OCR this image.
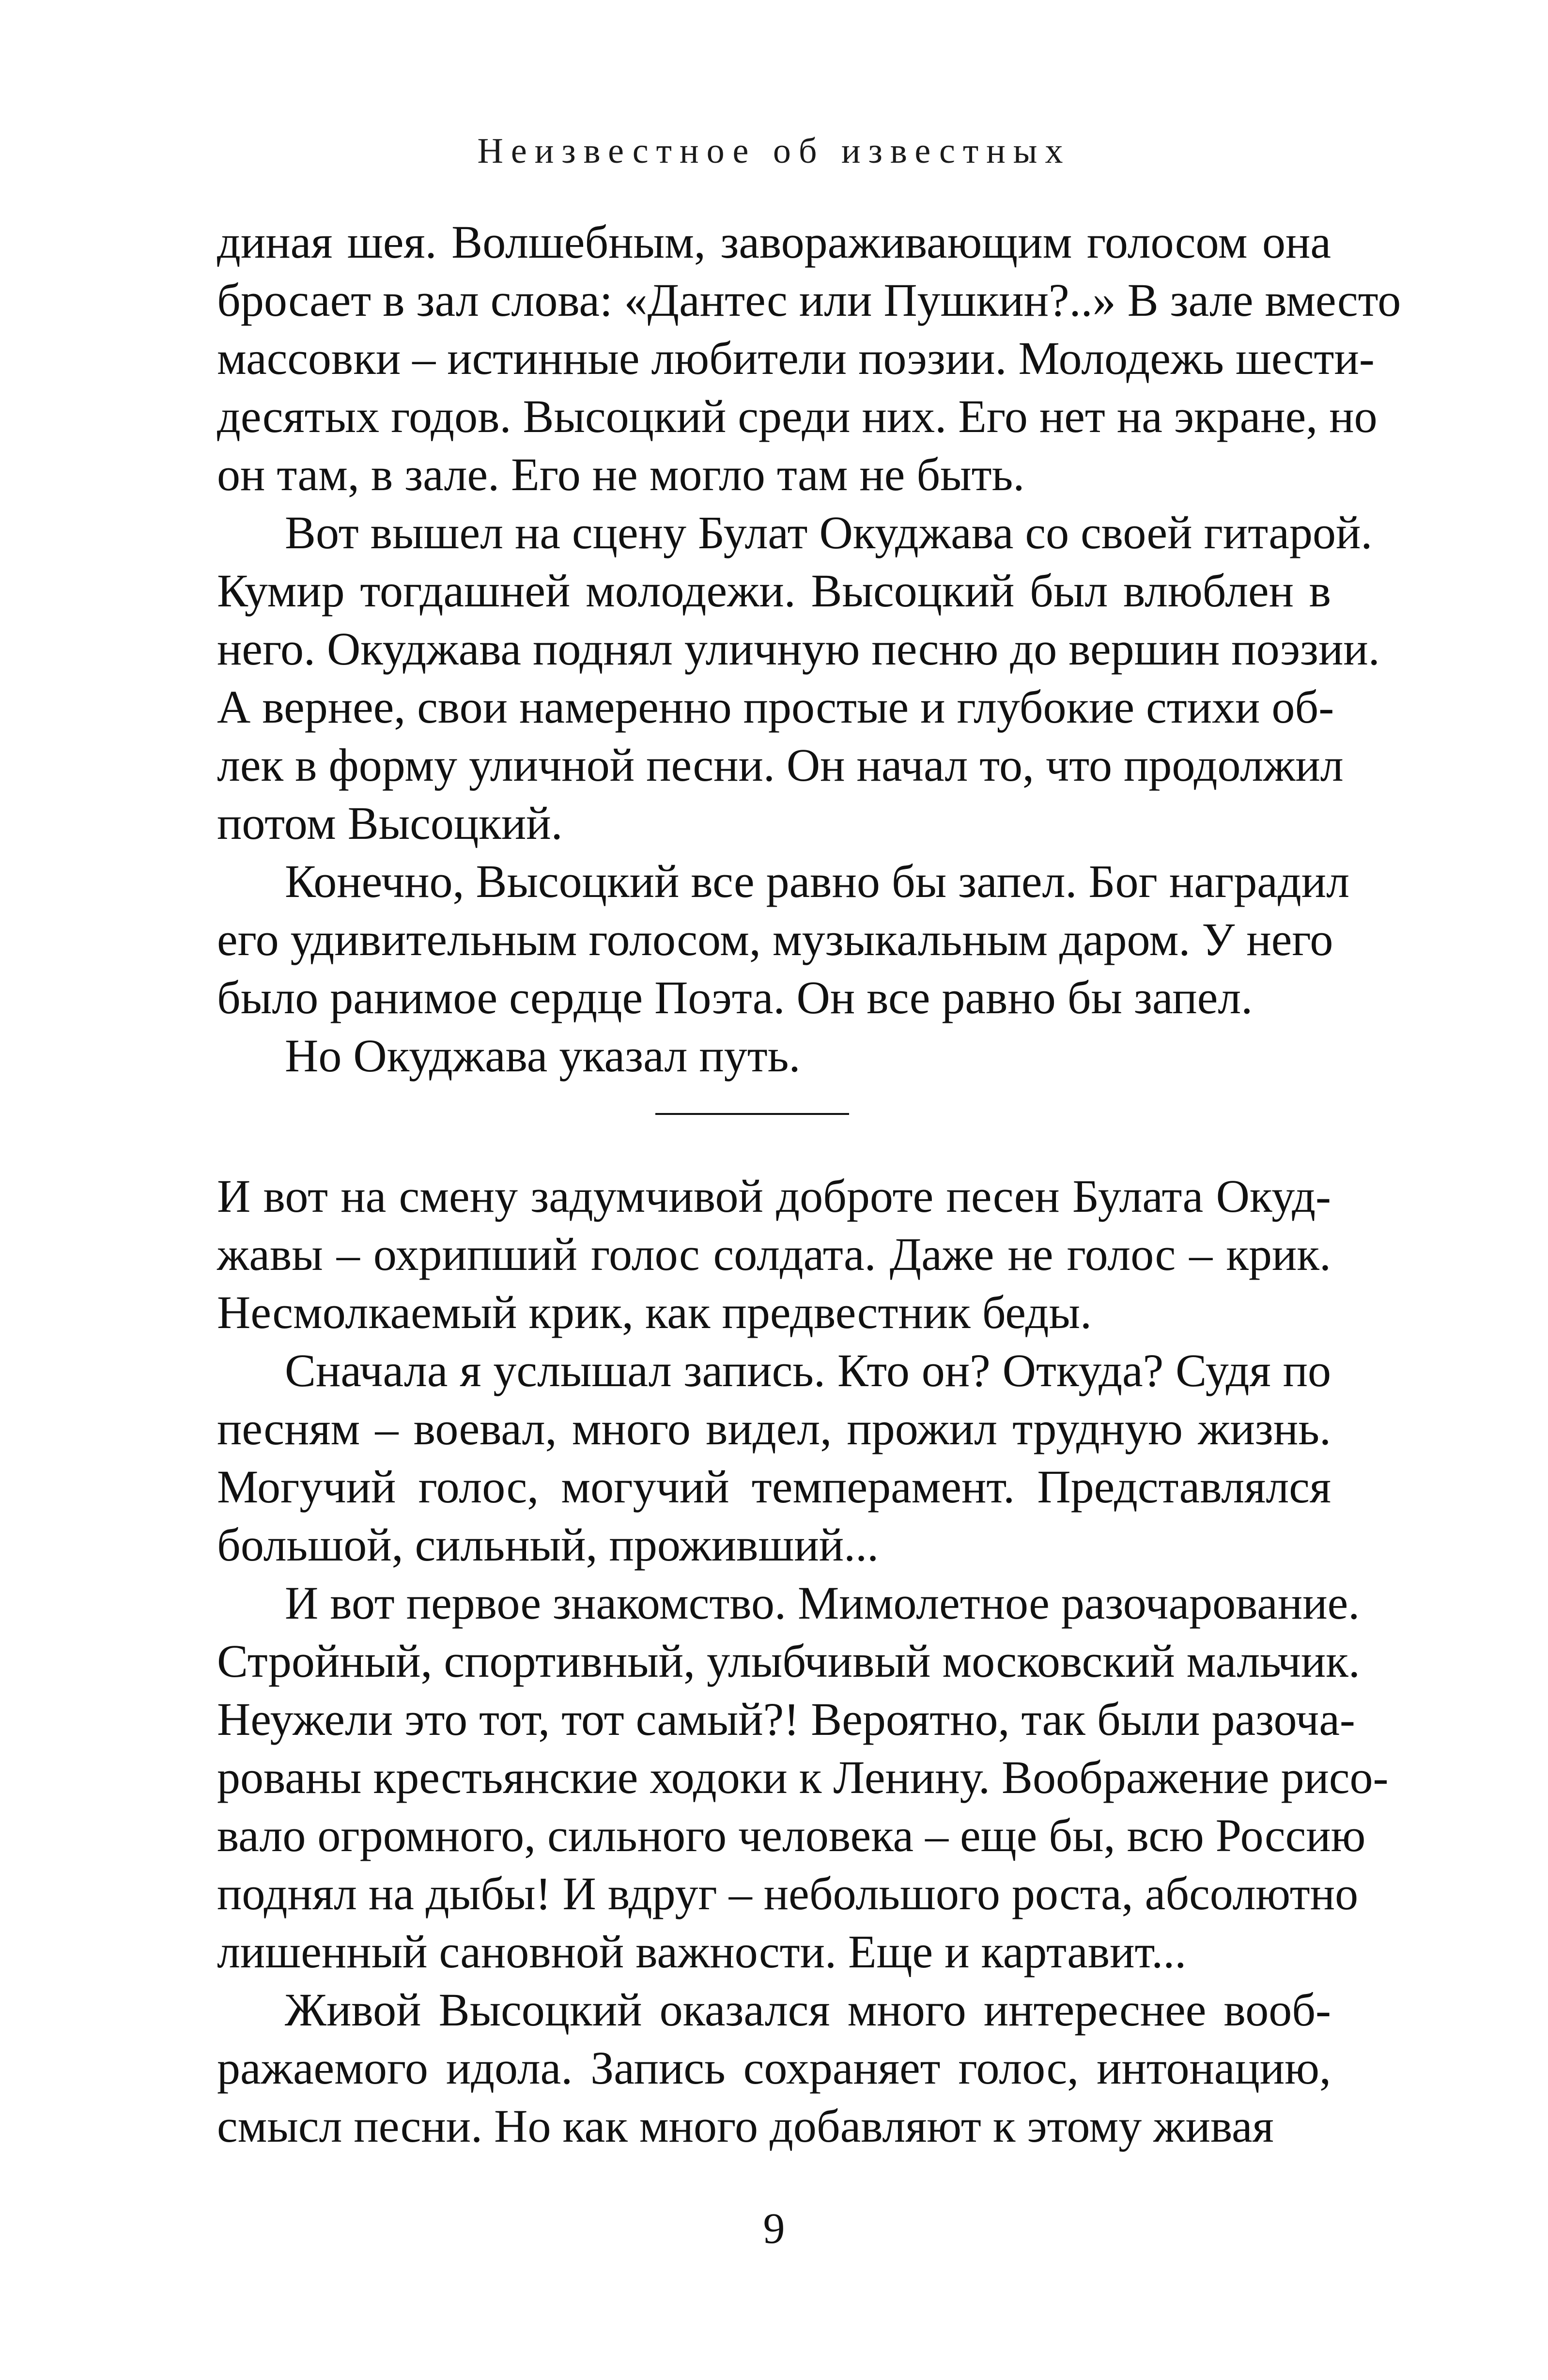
Неизвестное об известных

диная шея. Волшебным, завораживающим голосом она
бросает в зал слова: «Дантес или Пушкин?..» В зале вместо
массовки – истинные любители поэзии. Молодежь шести-
десятых годов. Высоцкий среди них. Его нет на экране, но
он там, в зале. Его не могло там не быть.

Вот вышел на сцену Булат Окуджава со своей гитарой.
Кумир тогдашней молодежи. Высоцкий был влюблен в
него. Окуджава поднял уличную песню до вершин поэзии.
А вернее, свои намеренно простые и глубокие стихи об-
лек в форму уличной песни. Он начал то, что продолжил
потом Высоцкий.

Конечно, Высоцкий все равно бы запел. Бог наградил
его удивительным голосом, музыкальным даром. У него
было ранимое сердце Поэта. Он все равно бы запел.

Но Окуджава указал путь.

И вот на смену задумчивой доброте песен Булата Окуд-
жавы – охрипший голос солдата. Даже не голос – крик.
Несмолкаемый крик, как предвестник беды.

Сначала я услышал запись. Кто он? Откуда? Судя по
песням – воевал, много видел, прожил трудную жизнь.
Могучий голос, могучий темперамент. Представлялся
большой, сильный, проживший...

И вот первое знакомство. Мимолетное разочарование.
Стройный, спортивный, улыбчивый московский мальчик.
Неужели это тот, тот самый?! Вероятно, так были разоча-
рованы крестьянские ходоки к Ленину. Воображение рисо-
вало огромного, сильного человека – еще бы, всю Россию
поднял на дыбы! И вдруг – небольшого роста, абсолютно
лишенный сановной важности. Еще и картавит...

Живой Высоцкий оказался много интереснее вооб-
ражаемого идола. Запись сохраняет голос, интонацию,
смысл песни. Но как много добавляют к этому живая

9
